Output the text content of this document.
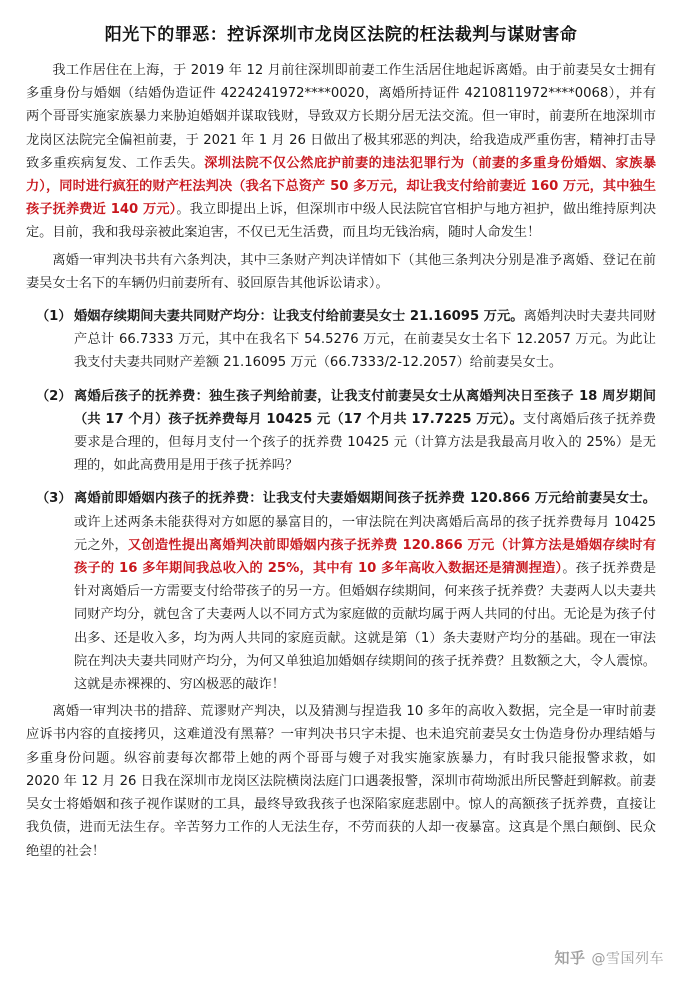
阳光下的罪恶：控诉深圳市龙岗区法院的枉法裁判与谋财害命

我工作居住在上海，于 2019 年 12 月前往深圳即前妻工作生活居住地起诉离婚。由于前妻吴女士拥有多重身份与婚姻（结婚伪造证件 4224241972****0020，离婚所持证件 4210811972****0068），并有两个哥哥实施家族暴力来胁迫婚姻并谋取钱财，导致双方长期分居无法交流。但一审时，前妻所在地深圳市龙岗区法院完全偏袒前妻，于 2021 年 1 月 26 日做出了极其邪恶的判决，给我造成严重伤害，精神打击导致多重疾病复发、工作丢失。深圳法院不仅公然庇护前妻的违法犯罪行为（前妻的多重身份婚姻、家族暴力），同时进行疯狂的财产枉法判决（我名下总资产 50 多万元，却让我支付给前妻近 160 万元，其中独生孩子抚养费近 140 万元）。我立即提出上诉，但深圳市中级人民法院官官相护与地方袒护，做出维持原判决定。目前，我和我母亲被此案迫害，不仅已无生活费，而且均无钱治病，随时人命发生！

离婚一审判决书共有六条判决，其中三条财产判决详情如下（其他三条判决分别是准予离婚、登记在前妻吴女士名下的车辆仍归前妻所有、驳回原告其他诉讼请求）。

（1） 婚姻存续期间夫妻共同财产均分：让我支付给前妻吴女士 21.16095 万元。离婚判决时夫妻共同财产总计 66.7333 万元，其中在我名下 54.5276 万元，在前妻吴女士名下 12.2057 万元。为此让我支付夫妻共同财产差额 21.16095 万元（66.7333/2-12.2057）给前妻吴女士。
（2） 离婚后孩子的抚养费：独生孩子判给前妻，让我支付前妻吴女士从离婚判决日至孩子 18 周岁期间（共 17 个月）孩子抚养费每月 10425 元（17 个月共 17.7225 万元）。支付离婚后孩子抚养费要求是合理的，但每月支付一个孩子的抚养费 10425 元（计算方法是我最高月收入的 25%）是无理的，如此高费用是用于孩子抚养吗？
（3） 离婚前即婚姻内孩子的抚养费：让我支付夫妻婚姻期间孩子抚养费 120.866 万元给前妻吴女士。或许上述两条未能获得对方如愿的暴富目的，一审法院在判决离婚后高昂的孩子抚养费每月 10425 元之外，又创造性提出离婚判决前即婚姻内孩子抚养费 120.866 万元（计算方法是婚姻存续时有孩子的 16 多年期间我总收入的 25%，其中有 10 多年高收入数据还是猜测捏造）。孩子抚养费是针对离婚后一方需要支付给带孩子的另一方。但婚姻存续期间，何来孩子抚养费？夫妻两人以夫妻共同财产均分，就包含了夫妻两人以不同方式为家庭做的贡献均属于两人共同的付出。无论是为孩子付出多、还是收入多，均为两人共同的家庭贡献。这就是第（1）条夫妻财产均分的基础。现在一审法院在判决夫妻共同财产均分，为何又单独追加婚姻存续期间的孩子抚养费？且数额之大，令人震惊。这就是赤裸裸的、穷凶极恶的敲诈！

离婚一审判决书的措辞、荒谬财产判决，以及猜测与捏造我 10 多年的高收入数据，完全是一审时前妻应诉书内容的直接拷贝，这难道没有黑幕？一审判决书只字未提、也未追究前妻吴女士伪造身份办理结婚与多重身份问题。纵容前妻每次都带上她的两个哥哥与嫂子对我实施家族暴力，有时我只能报警求救，如 2020 年 12 月 26 日我在深圳市龙岗区法院横岗法庭门口遇袭报警，深圳市荷坳派出所民警赶到解救。前妻吴女士将婚姻和孩子视作谋财的工具，最终导致我孩子也深陷家庭悲剧中。惊人的高额孩子抚养费，直接让我负债，进而无法生存。辛苦努力工作的人无法生存，不劳而获的人却一夜暴富。这真是个黑白颠倒、民众绝望的社会！

知乎 @雪国列车
